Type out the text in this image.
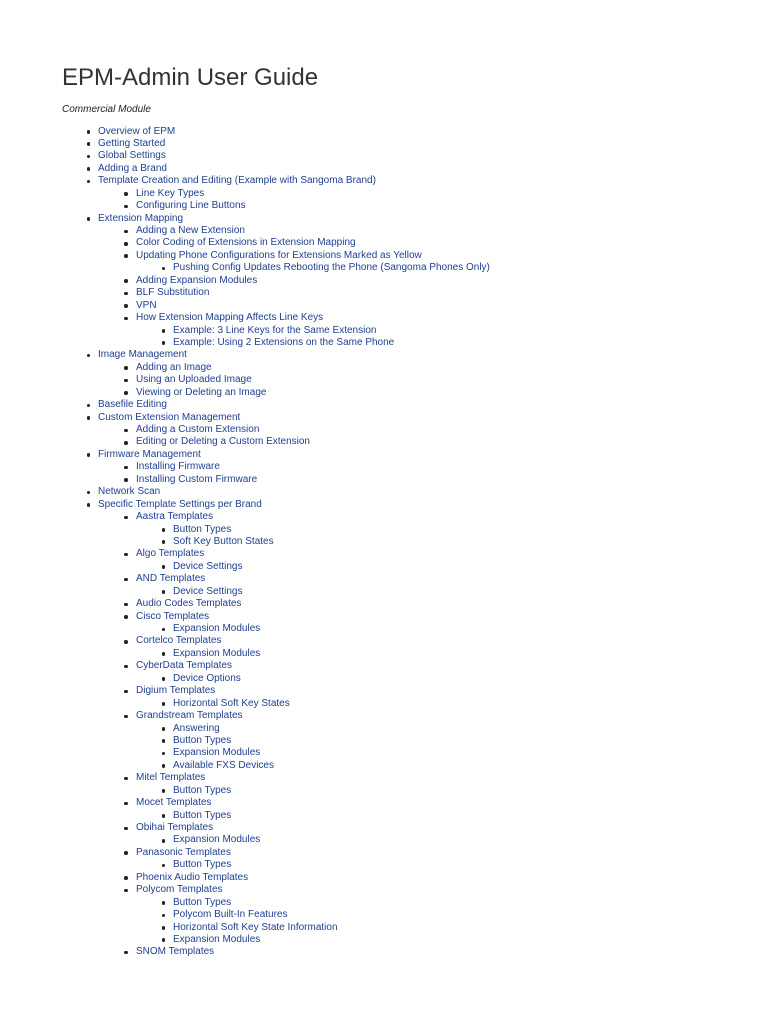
EPM-Admin User Guide

Commercial Module

Overview of EPM
Getting Started
Global Settings
Adding a Brand
Template Creation and Editing (Example with Sangoma Brand)
Line Key Types
Configuring Line Buttons
Extension Mapping
Adding a New Extension
Color Coding of Extensions in Extension Mapping
Updating Phone Configurations for Extensions Marked as Yellow
Pushing Config Updates Rebooting the Phone (Sangoma Phones Only)
Adding Expansion Modules
BLF Substitution
VPN
How Extension Mapping Affects Line Keys
Example: 3 Line Keys for the Same Extension
Example: Using 2 Extensions on the Same Phone
Image Management
Adding an Image
Using an Uploaded Image
Viewing or Deleting an Image
Basefile Editing
Custom Extension Management
Adding a Custom Extension
Editing or Deleting a Custom Extension
Firmware Management
Installing Firmware
Installing Custom Firmware
Network Scan
Specific Template Settings per Brand
Aastra Templates
Button Types
Soft Key Button States
Algo Templates
Device Settings
AND Templates
Device Settings
Audio Codes Templates
Cisco Templates
Expansion Modules
Cortelco Templates
Expansion Modules
CyberData Templates
Device Options
Digium Templates
Horizontal Soft Key States
Grandstream Templates
Answering
Button Types
Expansion Modules
Available FXS Devices
Mitel Templates
Button Types
Mocet Templates
Button Types
Obihai Templates
Expansion Modules
Panasonic Templates
Button Types
Phoenix Audio Templates
Polycom Templates
Button Types
Polycom Built-In Features
Horizontal Soft Key State Information
Expansion Modules
SNOM Templates
